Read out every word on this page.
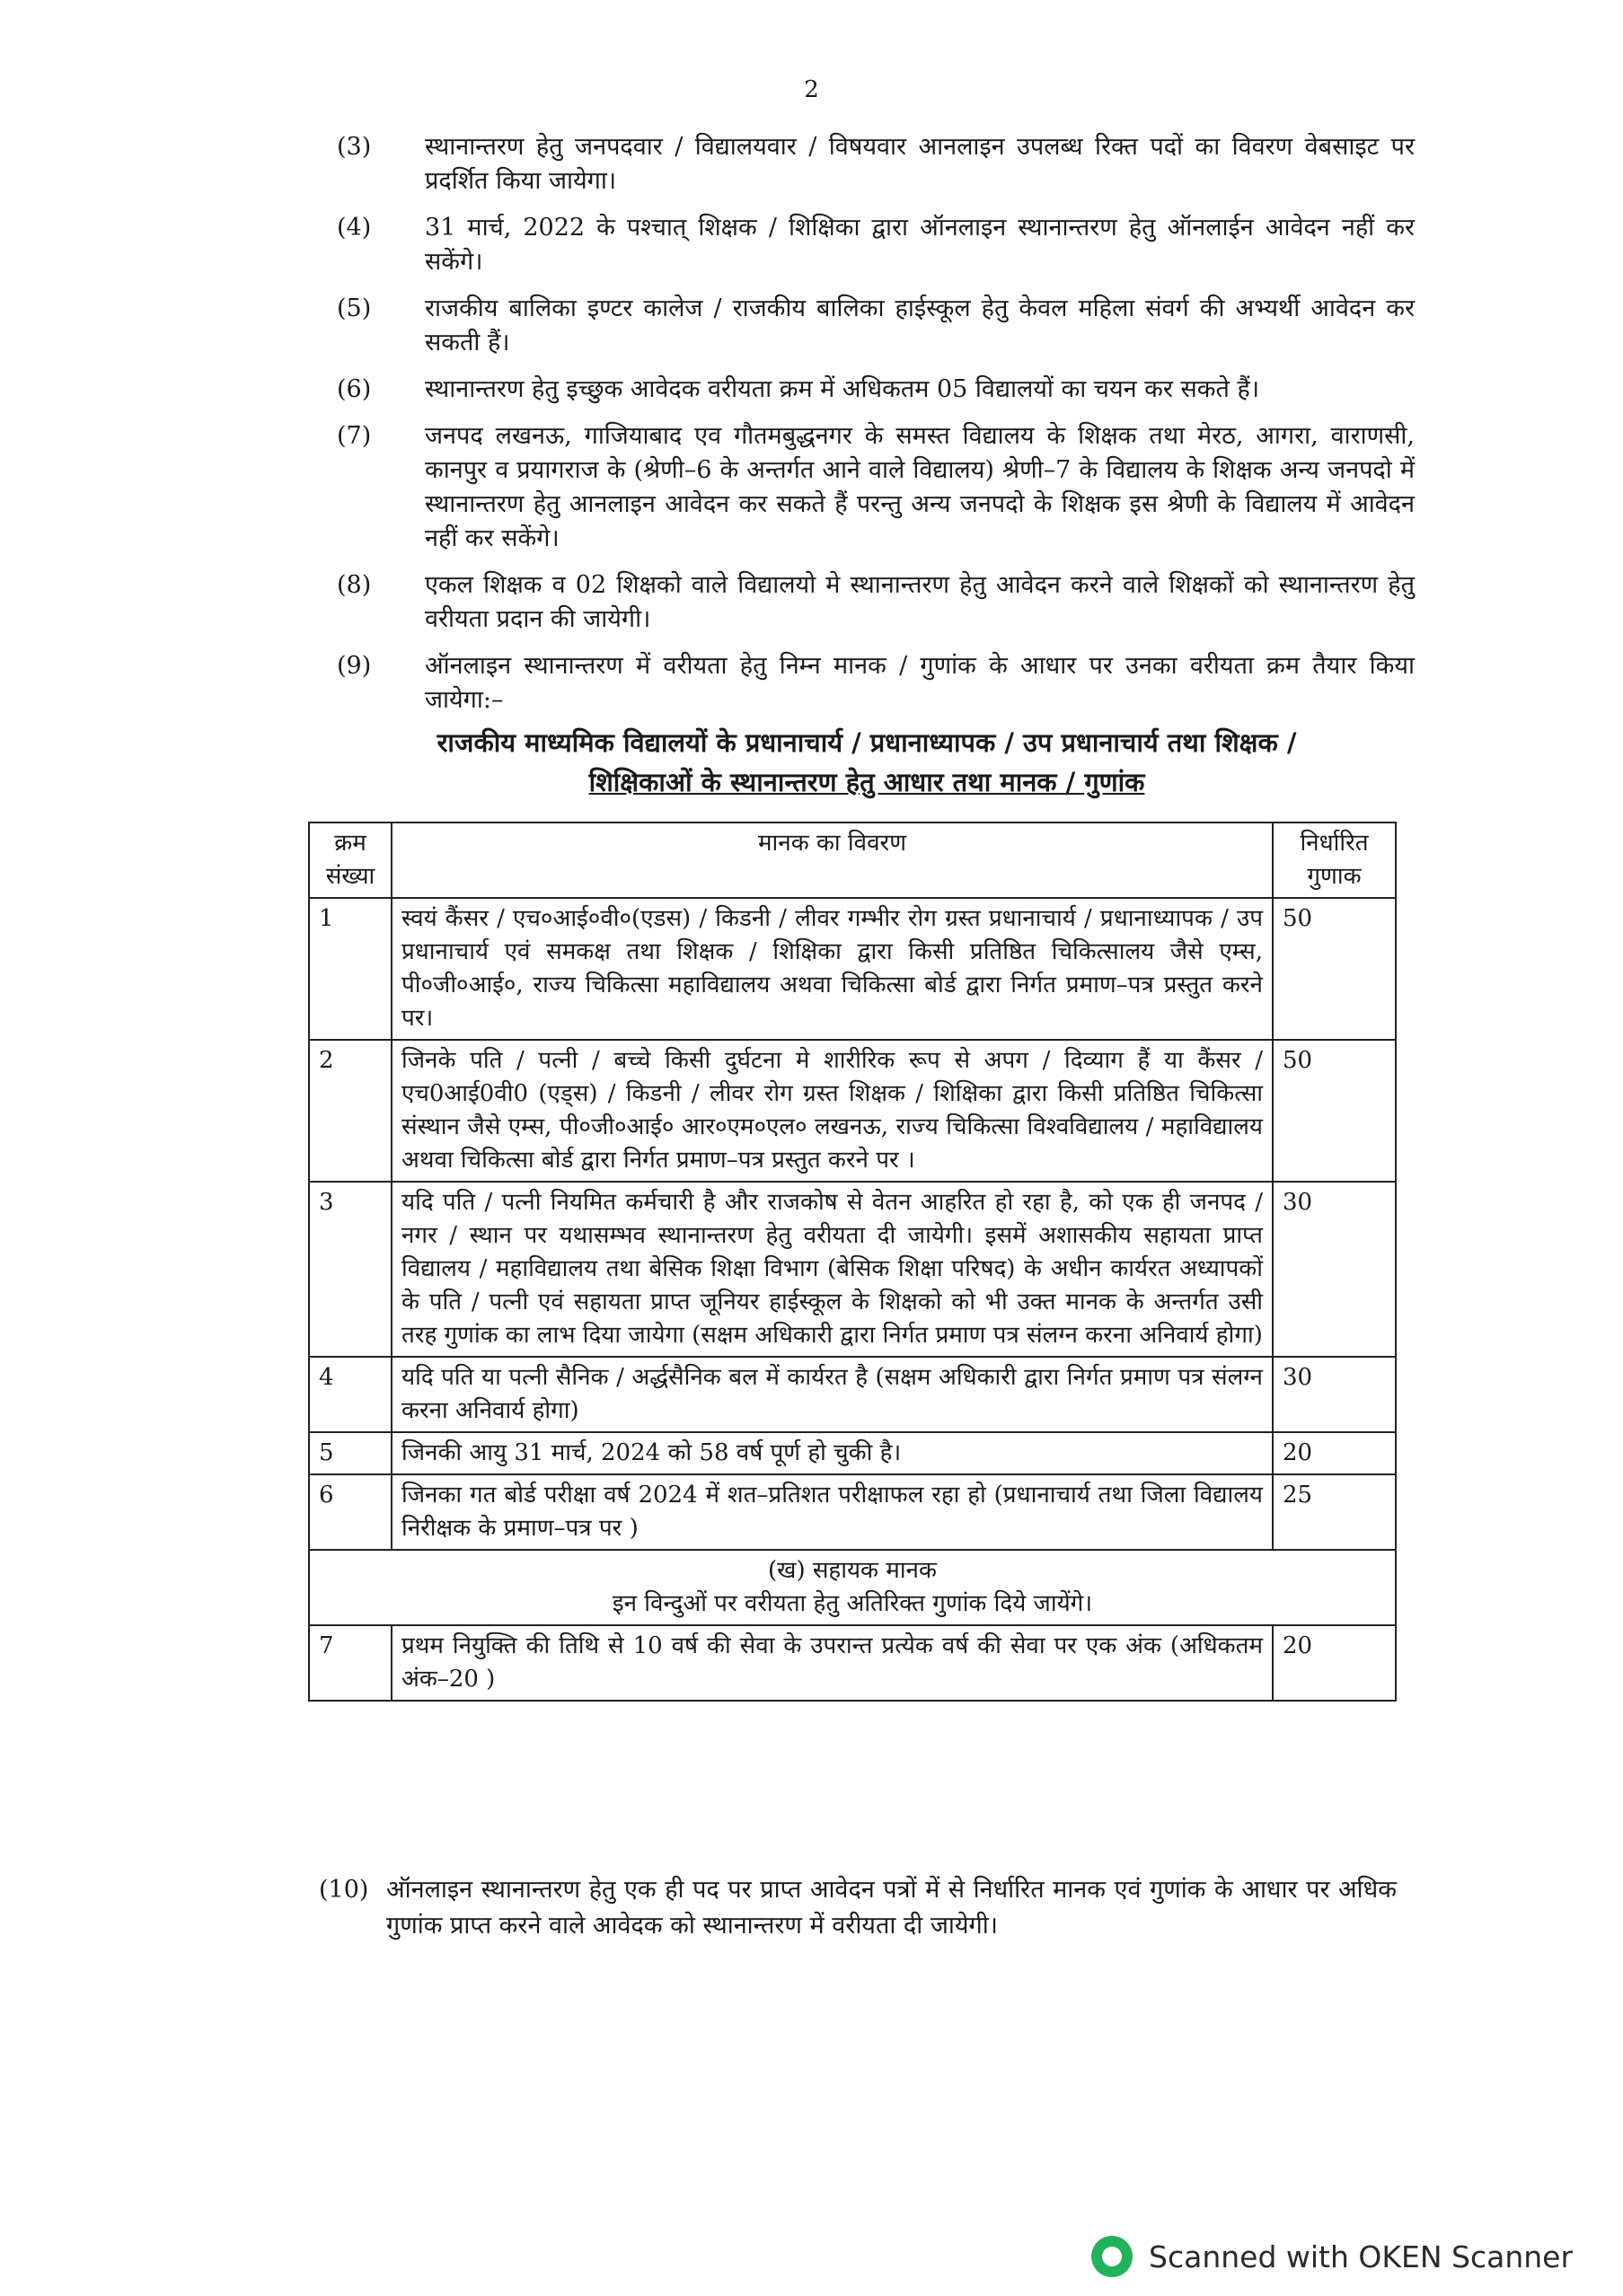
2
(3)	स्थानान्तरण हेतु जनपदवार / विद्यालयवार / विषयवार आनलाइन उपलब्ध रिक्त पदों का विवरण वेबसाइट पर प्रदर्शित किया जायेगा।
(4)	31 मार्च, 2022 के पश्चात् शिक्षक / शिक्षिका द्वारा ऑनलाइन स्थानान्तरण हेतु ऑनलाईन आवेदन नहीं कर सकेंगे।
(5)	राजकीय बालिका इण्टर कालेज / राजकीय बालिका हाईस्कूल हेतु केवल महिला संवर्ग की अभ्यर्थी आवेदन कर सकती हैं।
(6)	स्थानान्तरण हेतु इच्छुक आवेदक वरीयता क्रम में अधिकतम 05 विद्यालयों का चयन कर सकते हैं।
(7)	जनपद लखनऊ, गाजियाबाद एव गौतमबुद्धनगर के समस्त विद्यालय के शिक्षक तथा मेरठ, आगरा, वाराणसी, कानपुर व प्रयागराज के (श्रेणी–6 के अन्तर्गत आने वाले विद्यालय) श्रेणी–7 के विद्यालय के शिक्षक अन्य जनपदो में स्थानान्तरण हेतु आनलाइन आवेदन कर सकते हैं परन्तु अन्य जनपदो के शिक्षक इस श्रेणी के विद्यालय में आवेदन नहीं कर सकेंगे।
(8)	एकल शिक्षक व 02 शिक्षको वाले विद्यालयो मे स्थानान्तरण हेतु आवेदन करने वाले शिक्षकों को स्थानान्तरण हेतु वरीयता प्रदान की जायेगी।
(9)	ऑनलाइन स्थानान्तरण में वरीयता हेतु निम्न मानक / गुणांक के आधार पर उनका वरीयता क्रम तैयार किया जायेगा:–
राजकीय माध्यमिक विद्यालयों के प्रधानाचार्य / प्रधानाध्यापक / उप प्रधानाचार्य तथा शिक्षक /
शिक्षिकाओं के स्थानान्तरण हेतु आधार तथा मानक / गुणांक
क्रम संख्या	मानक का विवरण	निर्धारित गुणाक
1	स्वयं कैंसर / एच०आई०वी०(एडस) / किडनी / लीवर गम्भीर रोग ग्रस्त प्रधानाचार्य / प्रधानाध्यापक / उप प्रधानाचार्य एवं समकक्ष तथा शिक्षक / शिक्षिका द्वारा किसी प्रतिष्ठित चिकित्सालय जैसे एम्स, पी०जी०आई०, राज्य चिकित्सा महाविद्यालय अथवा चिकित्सा बोर्ड द्वारा निर्गत प्रमाण–पत्र प्रस्तुत करने पर।	50
2	जिनके पति / पत्नी / बच्चे किसी दुर्घटना मे शारीरिक रूप से अपग / दिव्याग हैं या कैंसर / एच0आई0वी0 (एड्स) / किडनी / लीवर रोग ग्रस्त शिक्षक / शिक्षिका द्वारा किसी प्रतिष्ठित चिकित्सा संस्थान जैसे एम्स, पी०जी०आई० आर०एम०एल० लखनऊ, राज्य चिकित्सा विश्वविद्यालय / महाविद्यालय अथवा चिकित्सा बोर्ड द्वारा निर्गत प्रमाण–पत्र प्रस्तुत करने पर ।	50
3	यदि पति / पत्नी नियमित कर्मचारी है और राजकोष से वेतन आहरित हो रहा है, को एक ही जनपद / नगर / स्थान पर यथासम्भव स्थानान्तरण हेतु वरीयता दी जायेगी। इसमें अशासकीय सहायता प्राप्त विद्यालय / महाविद्यालय तथा बेसिक शिक्षा विभाग (बेसिक शिक्षा परिषद) के अधीन कार्यरत अध्यापकों के पति / पत्नी एवं सहायता प्राप्त जूनियर हाईस्कूल के शिक्षको को भी उक्त मानक के अन्तर्गत उसी तरह गुणांक का लाभ दिया जायेगा (सक्षम अधिकारी द्वारा निर्गत प्रमाण पत्र संलग्न करना अनिवार्य होगा)	30
4	यदि पति या पत्नी सैनिक / अर्द्धसैनिक बल में कार्यरत है (सक्षम अधिकारी द्वारा निर्गत प्रमाण पत्र संलग्न करना अनिवार्य होगा)	30
5	जिनकी आयु 31 मार्च, 2024 को 58 वर्ष पूर्ण हो चुकी है।	20
6	जिनका गत बोर्ड परीक्षा वर्ष 2024 में शत–प्रतिशत परीक्षाफल रहा हो (प्रधानाचार्य तथा जिला विद्यालय निरीक्षक के प्रमाण–पत्र पर )	25

(ख) सहायक मानक
इन विन्दुओं पर वरीयता हेतु अतिरिक्त गुणांक दिये जायेंगे।		

7	प्रथम नियुक्ति की तिथि से 10 वर्ष की सेवा के उपरान्त प्रत्येक वर्ष की सेवा पर एक अंक (अधिकतम अंक–20 )	20
(10) ऑनलाइन स्थानान्तरण हेतु एक ही पद पर प्राप्त आवेदन पत्रों में से निर्धारित मानक एवं गुणांक के आधार पर अधिक गुणांक प्राप्त करने वाले आवेदक को स्थानान्तरण में वरीयता दी जायेगी।
Scanned with OKEN Scanner
